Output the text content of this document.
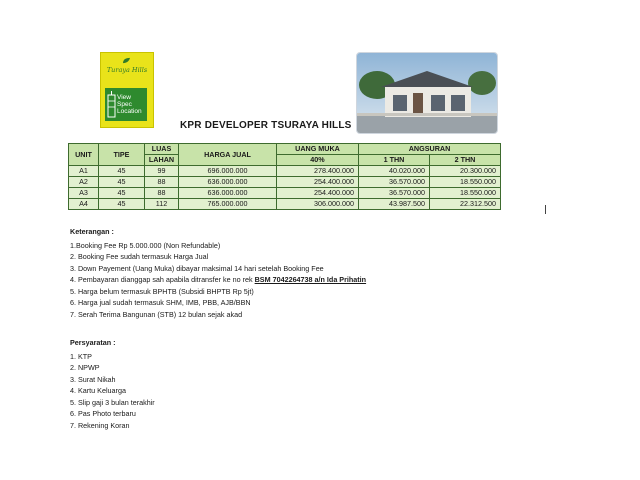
Turaya Hills
View
Spec
Location
KPR DEVELOPER TSURAYA HILLS
UNIT	TIPE	LUAS	HARGA JUAL	UANG MUKA	ANGSURAN	
		LAHAN		40%	1 THN	2 THN
A1	45	99	696.000.000	278.400.000	40.020.000	20.300.000
A2	45	88	636.000.000	254.400.000	36.570.000	18.550.000
A3	45	88	636.000.000	254.400.000	36.570.000	18.550.000
A4	45	112	765.000.000	306.000.000	43.987.500	22.312.500
Keterangan :
1.Booking Fee Rp 5.000.000 (Non Refundable)
2. Booking Fee sudah termasuk Harga Jual
3. Down Payement (Uang Muka) dibayar maksimal 14 hari setelah Booking Fee
4. Pembayaran dianggap sah apabila ditransfer ke no rek BSM 7042264738 a/n Ida Prihatin
5. Harga belum termasuk BPHTB (Subsidi BHPTB Rp 5jt)
6. Harga jual sudah termasuk SHM, IMB, PBB, AJB/BBN
7. Serah Terima Bangunan (STB) 12 bulan sejak akad
Persyaratan :
1. KTP
2. NPWP
3. Surat Nikah
4. Kartu Keluarga
5. Slip gaji 3 bulan terakhir
6. Pas Photo terbaru
7. Rekening Koran
